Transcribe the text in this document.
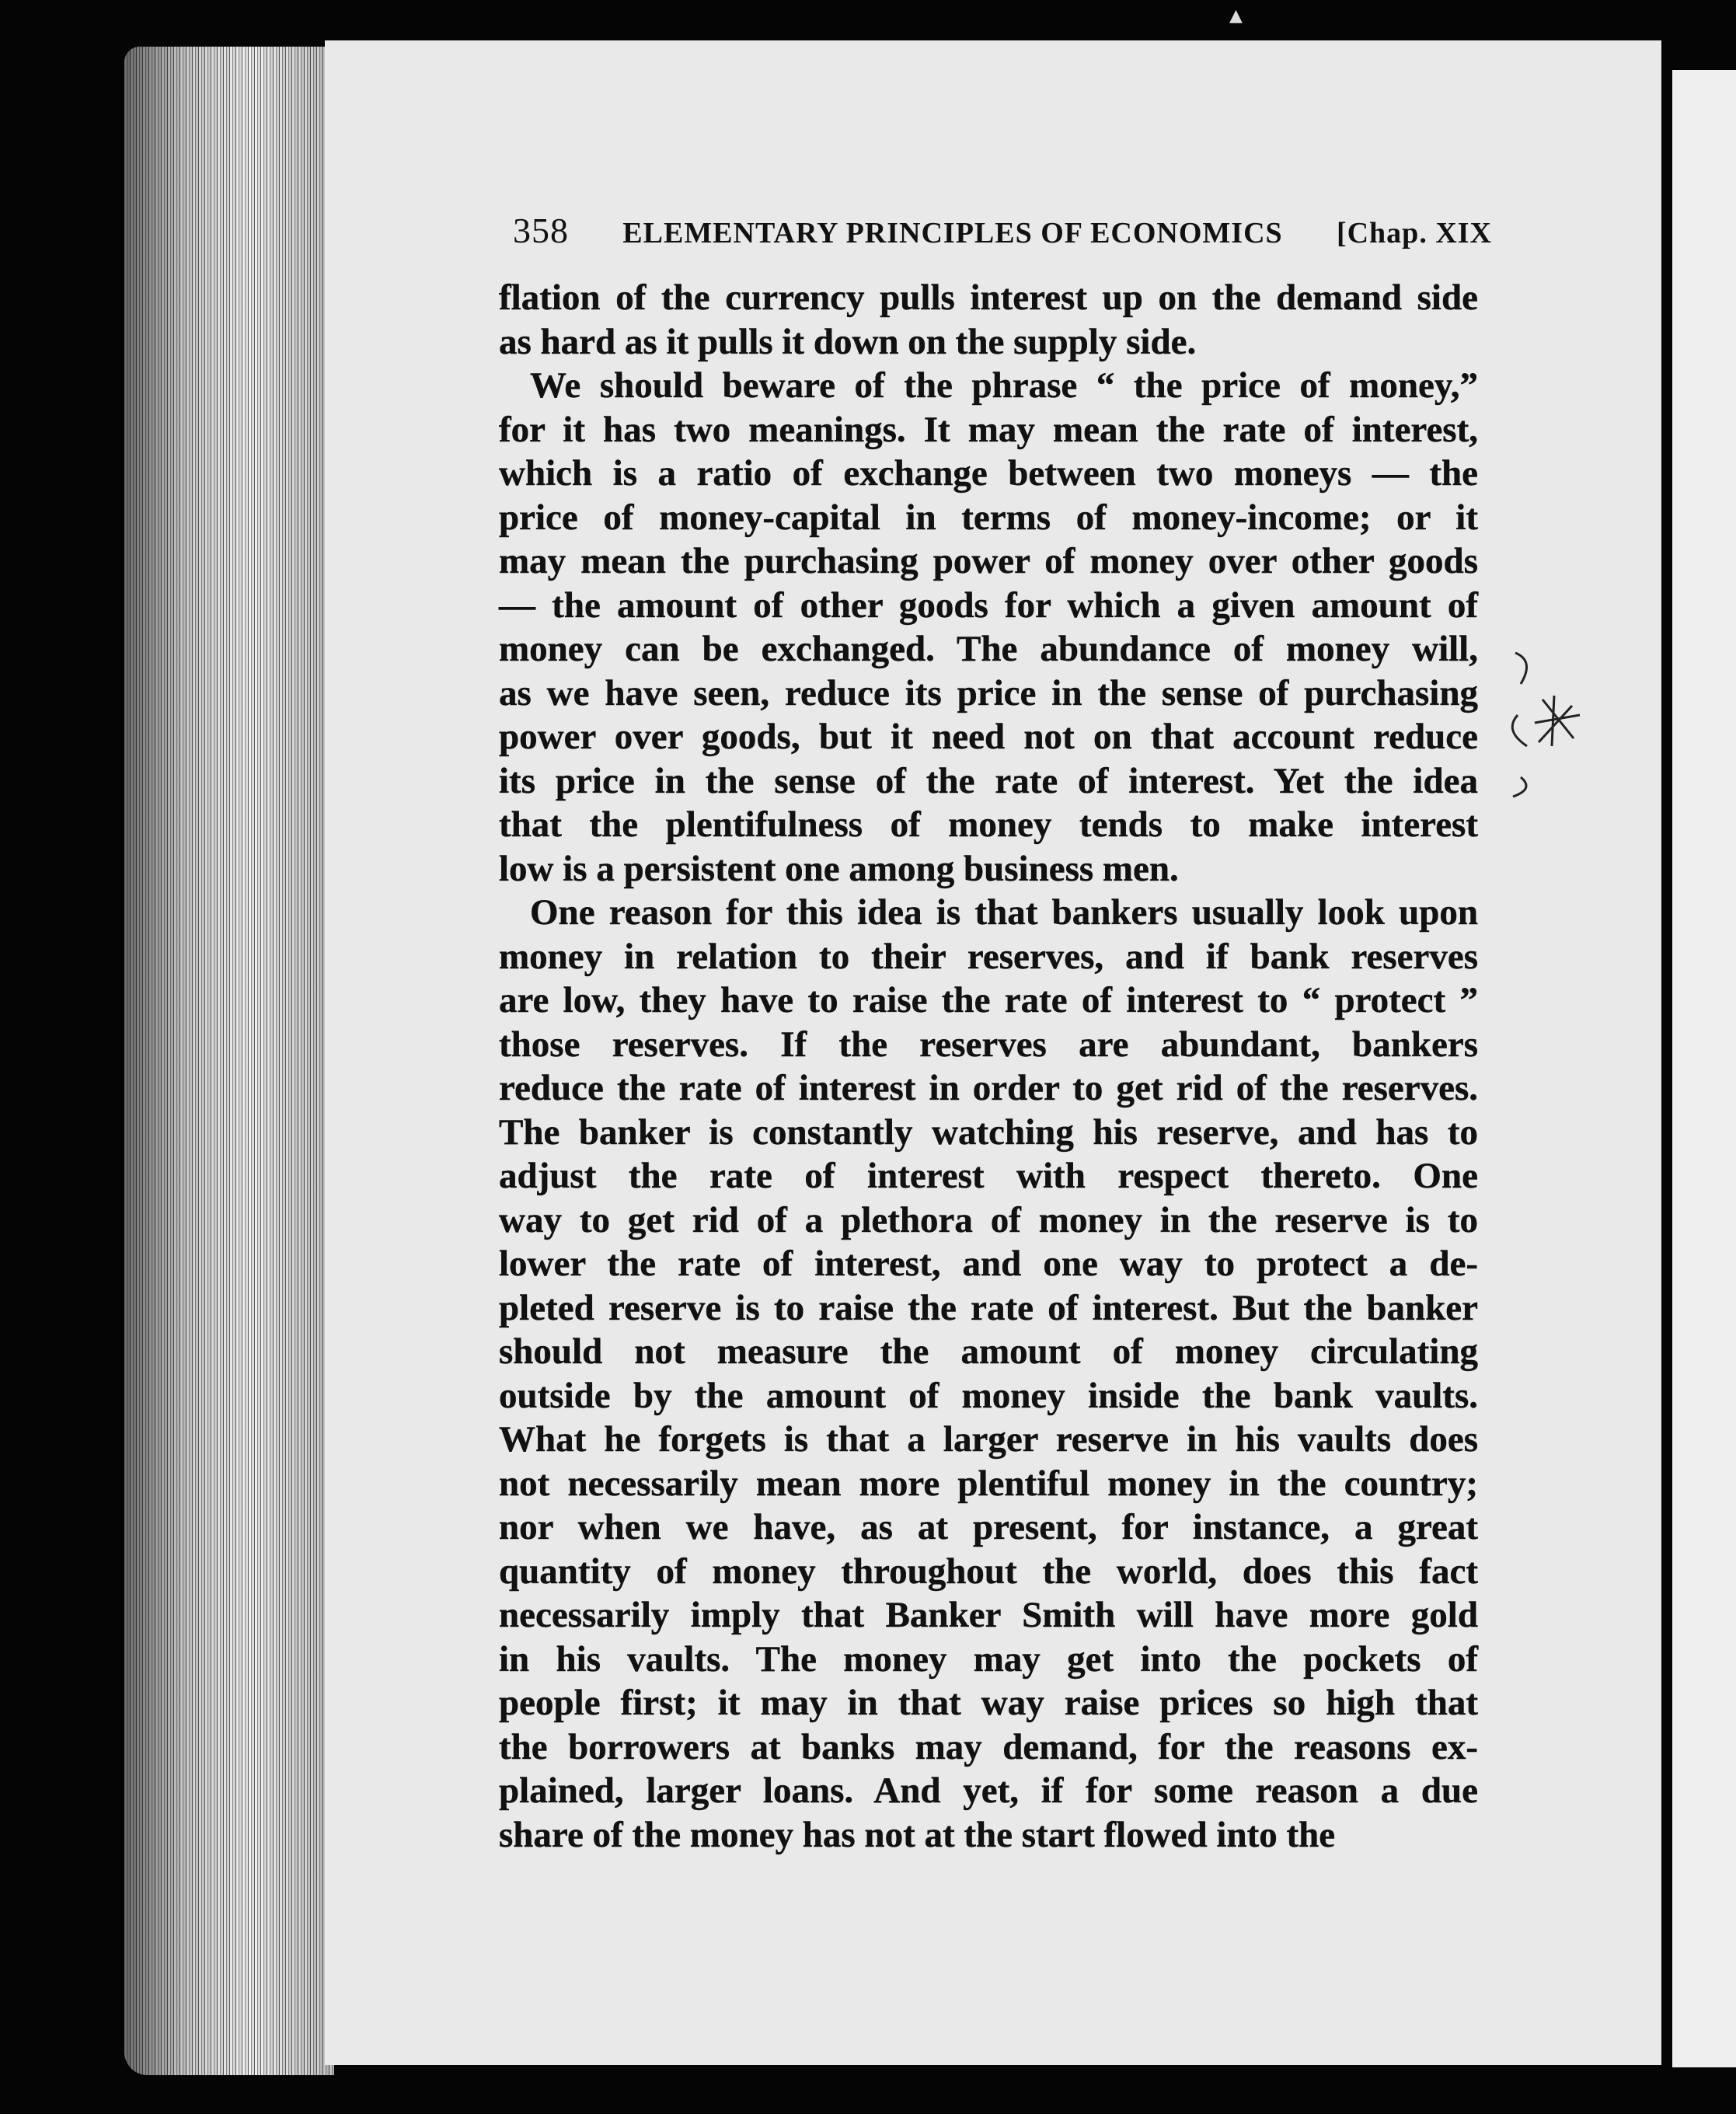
358 ELEMENTARY PRINCIPLES OF ECONOMICS [Chap. XIX

flation of the currency pulls interest up on the demand side
as hard as it pulls it down on the supply side.

We should beware of the phrase “ the price of money,”
for it has two meanings. It may mean the rate of interest,
which is a ratio of exchange between two moneys — the
price of money-capital in terms of money-income; or it
may mean the purchasing power of money over other goods
— the amount of other goods for which a given amount of
money can be exchanged. The abundance of money will,
as we have seen, reduce its price in the sense of purchasing
power over goods, but it need not on that account reduce
its price in the sense of the rate of interest. Yet the idea
that the plentifulness of money tends to make interest
low is a persistent one among business men.

One reason for this idea is that bankers usually look upon
money in relation to their reserves, and if bank reserves
are low, they have to raise the rate of interest to “ protect ”
those reserves. If the reserves are abundant, bankers
reduce the rate of interest in order to get rid of the reserves.
The banker is constantly watching his reserve, and has to
adjust the rate of interest with respect thereto. One
way to get rid of a plethora of money in the reserve is to
lower the rate of interest, and one way to protect a de-
pleted reserve is to raise the rate of interest. But the banker
should not measure the amount of money circulating
outside by the amount of money inside the bank vaults.
What he forgets is that a larger reserve in his vaults does
not necessarily mean more plentiful money in the country;
nor when we have, as at present, for instance, a great
quantity of money throughout the world, does this fact
necessarily imply that Banker Smith will have more gold
in his vaults. The money may get into the pockets of
people first; it may in that way raise prices so high that
the borrowers at banks may demand, for the reasons ex-
plained, larger loans. And yet, if for some reason a due
share of the money has not at the start flowed into the

▲
